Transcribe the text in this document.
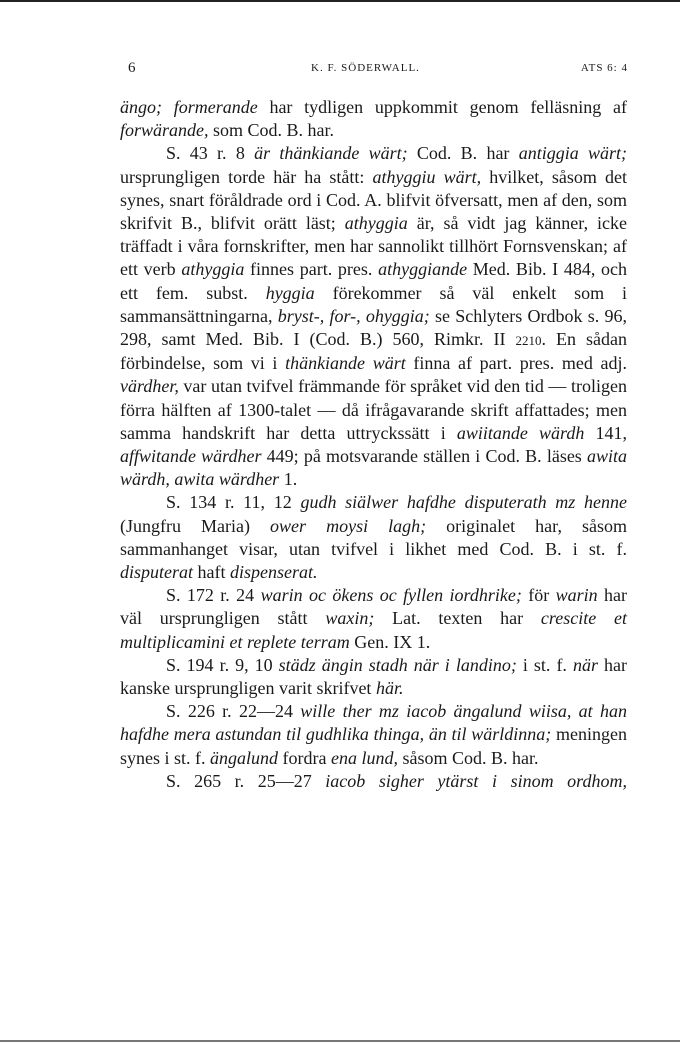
6	K. F. SÖDERWALL.	ATS 6: 4

ängo; formerande har tydligen uppkommit genom felläsning af forwärande, som Cod. B. har.

S. 43 r. 8 är thänkiande wärt; Cod. B. har antiggia wärt; ursprungligen torde här ha stått: athyggiu wärt, hvilket, såsom det synes, snart föråldrade ord i Cod. A. blifvit öfversatt, men af den, som skrifvit B., blifvit orätt läst; athyggia är, så vidt jag känner, icke träffadt i våra fornskrifter, men har sannolikt tillhört Fornsvenskan; af ett verb athyggia finnes part. pres. athyggiande Med. Bib. I 484, och ett fem. subst. hyggia förekommer så väl enkelt som i sammansättningarna, bryst-, for-, ohyggia; se Schlyters Ordbok s. 96, 298, samt Med. Bib. I (Cod. B.) 560, Rimkr. II 2210. En sådan förbindelse, som vi i thänkiande wärt finna af part. pres. med adj. värdher, var utan tvifvel främmande för språket vid den tid — troligen förra hälften af 1300-talet — då ifrågavarande skrift affattades; men samma handskrift har detta uttryckssätt i awiitande wärdh 141, affwitande wärdher 449; på motsvarande ställen i Cod. B. läses awita wärdh, awita wärdher 1.

S. 134 r. 11, 12 gudh siälwer hafdhe disputerath mz henne (Jungfru Maria) ower moysi lagh; originalet har, såsom sammanhanget visar, utan tvifvel i likhet med Cod. B. i st. f. disputerat haft dispenserat.

S. 172 r. 24 warin oc ökens oc fyllen iordhrike; för warin har väl ursprungligen stått waxin; Lat. texten har crescite et multiplicamini et replete terram Gen. IX 1.

S. 194 r. 9, 10 städz ängin stadh när i landino; i st. f. när har kanske ursprungligen varit skrifvet här.

S. 226 r. 22—24 wille ther mz iacob ängalund wiisa, at han hafdhe mera astundan til gudhlika thinga, än til wärldinna; meningen synes i st. f. ängalund fordra ena lund, såsom Cod. B. har.

S. 265 r. 25—27 iacob sigher ytärst i sinom ordhom,
